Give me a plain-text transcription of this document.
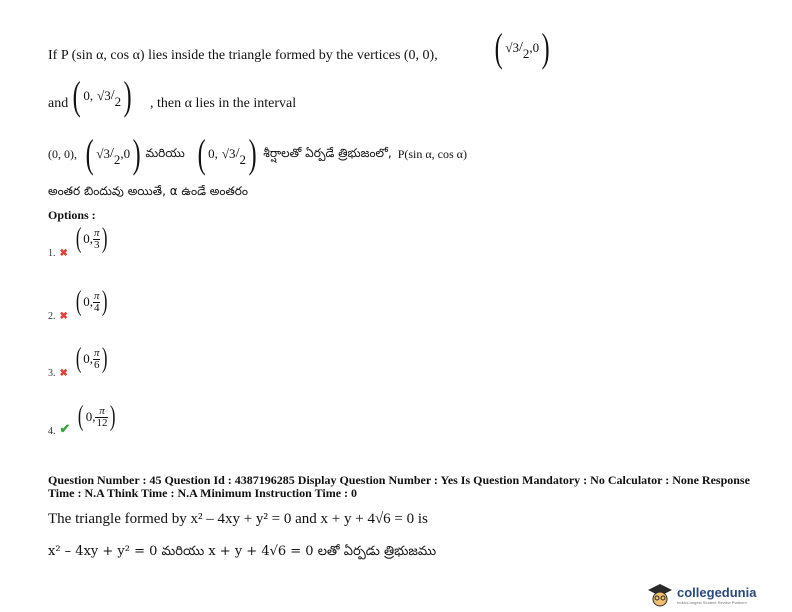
If P (sin α, cos α) lies inside the triangle formed by the vertices (0, 0), ( √3 / 2 ,0 )
and ( 0, √3 / 2 ) , then α lies in the interval
(0, 0), ( √3 / 2 ,0 ) మరియు ( 0, √3 / 2 ) శీర్షాలతో ఏర్పడే త్రిభుజంలో, P(sin α, cos α)
అంతర బిందువు అయితే, α ఉండే అంతరం
Options :
1. ✖ ( 0, $\frac{\pi}{3}$ )
2. ✖ ( 0, $\frac{\pi}{4}$ )
3. ✖ ( 0, $\frac{\pi}{6}$ )
4. ✔ ( 0, $\frac{\pi}{12}$ )
Question Number : 45 Question Id : 4387196285 Display Question Number : Yes Is Question Mandatory : No Calculator : None Response
Time : N.A Think Time : N.A Minimum Instruction Time : 0
The triangle formed by x² – 4xy + y² = 0 and x + y + 4√6 = 0 is
x² – 4xy + y² = 0 మరియు x + y + 4√6 = 0 లతో ఏర్పడు త్రిభుజము
collegedunia
India's largest Student Review Platform
